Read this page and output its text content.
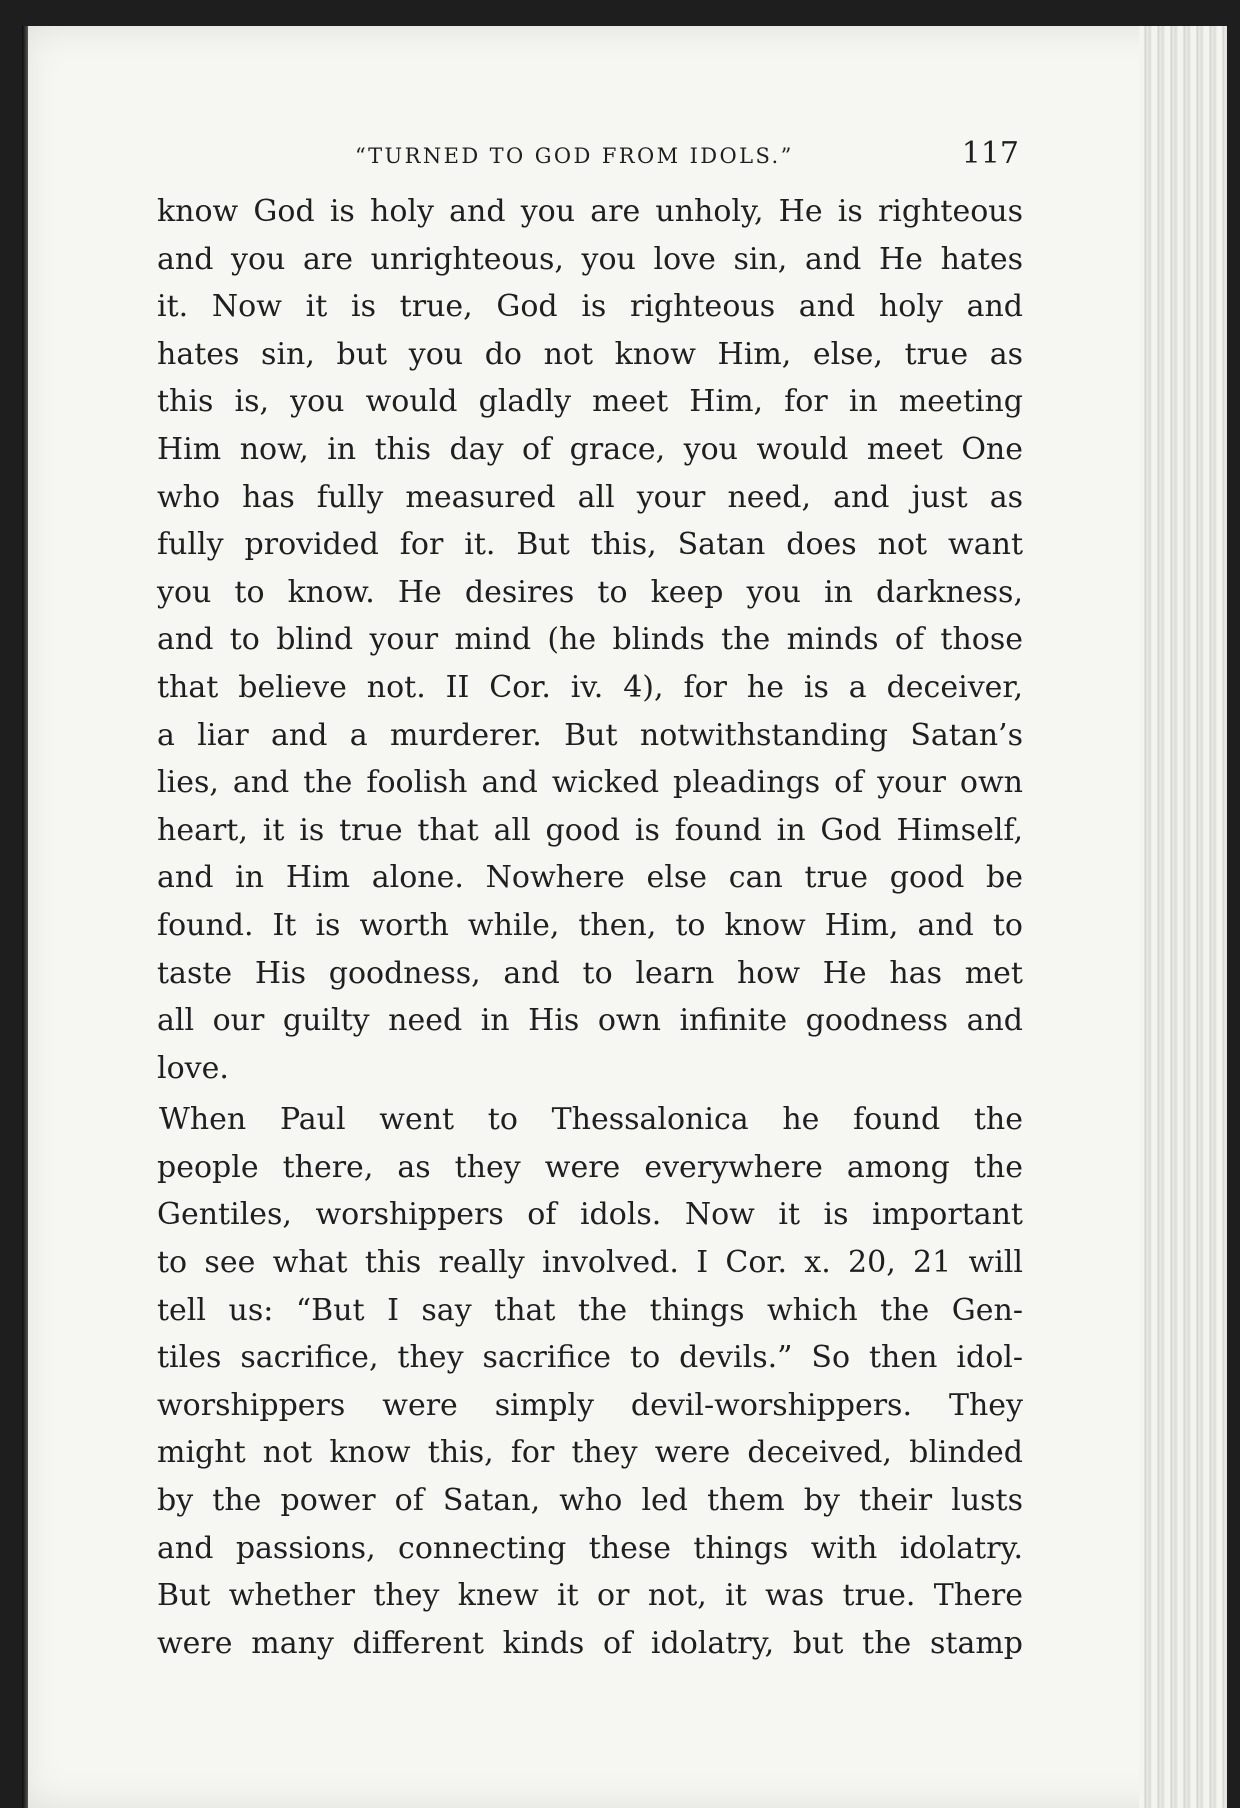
“TURNED TO GOD FROM IDOLS.”	117
know God is holy and you are unholy, He is righteous
and you are unrighteous, you love sin, and He hates
it. Now it is true, God is righteous and holy and
hates sin, but you do not know Him, else, true as
this is, you would gladly meet Him, for in meeting
Him now, in this day of grace, you would meet One
who has fully measured all your need, and just as
fully provided for it. But this, Satan does not want
you to know. He desires to keep you in darkness,
and to blind your mind (he blinds the minds of those
that believe not. II Cor. iv. 4), for he is a deceiver,
a liar and a murderer. But notwithstanding Satan’s
lies, and the foolish and wicked pleadings of your own
heart, it is true that all good is found in God Himself,
and in Him alone. Nowhere else can true good be
found. It is worth while, then, to know Him, and to
taste His goodness, and to learn how He has met
all our guilty need in His own infinite goodness and
love.
When Paul went to Thessalonica he found the
people there, as they were everywhere among the
Gentiles, worshippers of idols. Now it is important
to see what this really involved. I Cor. x. 20, 21 will
tell us: “But I say that the things which the Gen-
tiles sacrifice, they sacrifice to devils.” So then idol-
worshippers were simply devil-worshippers. They
might not know this, for they were deceived, blinded
by the power of Satan, who led them by their lusts
and passions, connecting these things with idolatry.
But whether they knew it or not, it was true. There
were many different kinds of idolatry, but the stamp
